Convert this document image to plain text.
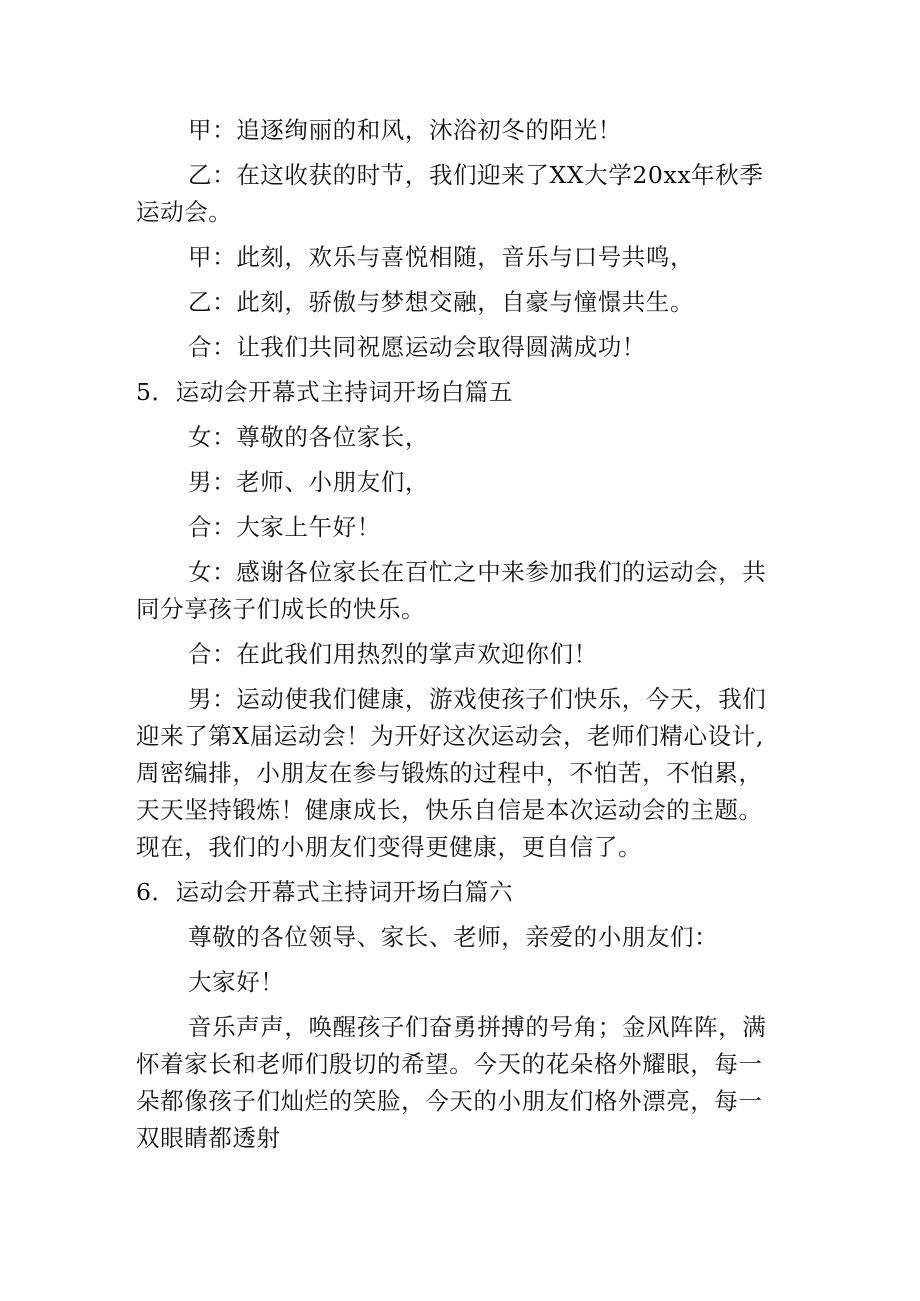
甲：追逐绚丽的和风，沐浴初冬的阳光！

乙：在这收获的时节，我们迎来了XX大学20xx年秋季运动会。

甲：此刻，欢乐与喜悦相随，音乐与口号共鸣，

乙：此刻，骄傲与梦想交融，自豪与憧憬共生。

合：让我们共同祝愿运动会取得圆满成功！

5．运动会开幕式主持词开场白篇五

女：尊敬的各位家长，

男：老师、小朋友们，

合：大家上午好！

女：感谢各位家长在百忙之中来参加我们的运动会，共同分享孩子们成长的快乐。

合：在此我们用热烈的掌声欢迎你们！

男：运动使我们健康，游戏使孩子们快乐，今天，我们迎来了第X届运动会！为开好这次运动会，老师们精心设计,周密编排，小朋友在参与锻炼的过程中，不怕苦，不怕累，天天坚持锻炼！健康成长，快乐自信是本次运动会的主题。现在，我们的小朋友们变得更健康，更自信了。

6．运动会开幕式主持词开场白篇六

尊敬的各位领导、家长、老师，亲爱的小朋友们：

大家好！

音乐声声，唤醒孩子们奋勇拼搏的号角；金风阵阵，满怀着家长和老师们殷切的希望。今天的花朵格外耀眼，每一朵都像孩子们灿烂的笑脸，今天的小朋友们格外漂亮，每一双眼睛都透射
